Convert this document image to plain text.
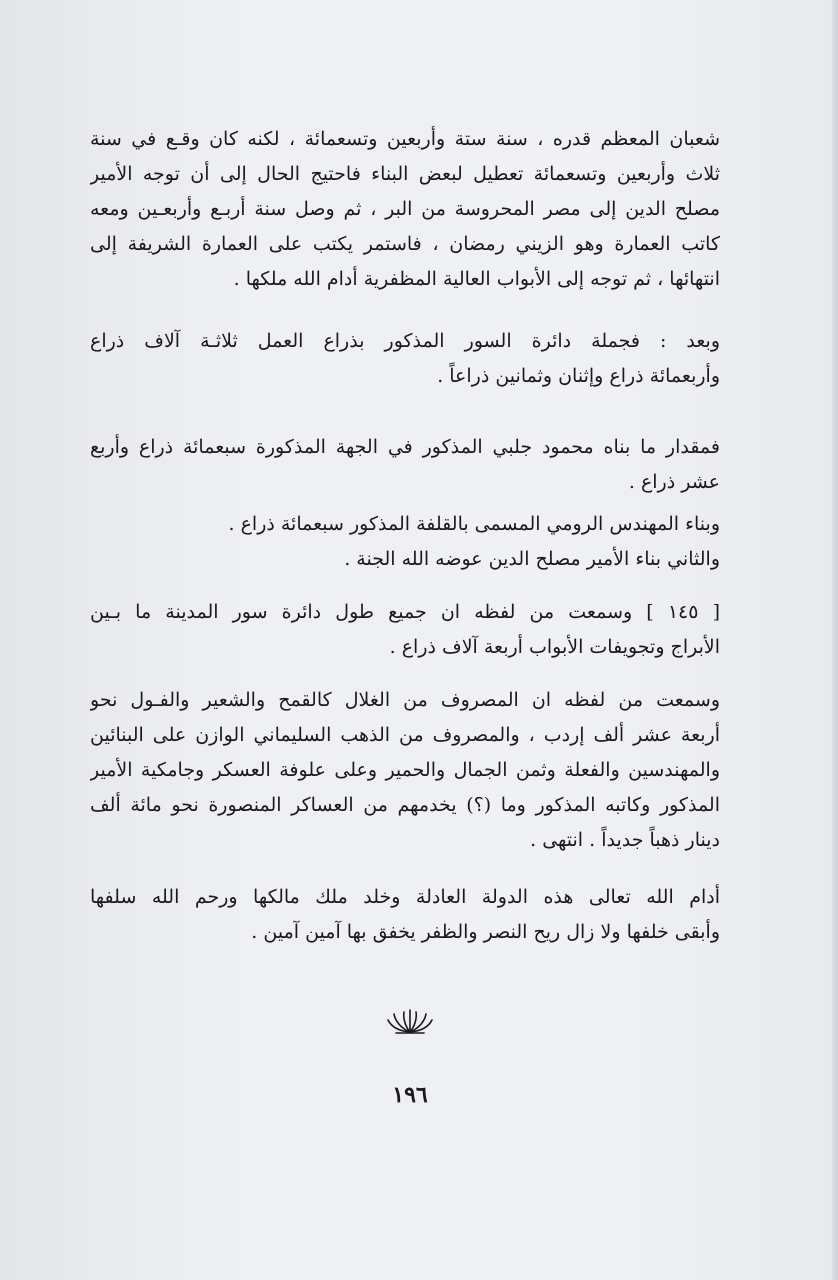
شعبان المعظم قدره ، سنة ستة وأربعين وتسعمائة ، لكنه كان وقـع في سنة
ثلاث وأربعين وتسعمائة تعطيل لبعض البناء فاحتيج الحال إلى أن توجه الأمير
مصلح الدين إلى مصر المحروسة من البر ، ثم وصل سنة أربـع وأربعـين ومعه
كاتب العمارة وهو الزيني رمضان ، فاستمر يكتب على العمارة الشريفة إلى
انتهائها ، ثم توجه إلى الأبواب العالية المظفرية أدام الله ملكها .
وبعد : فجملة دائرة السور المذكور بذراع العمل ثلاثـة آلاف ذراع
وأربعمائة ذراع وإثنان وثمانين ذراعاً .
فمقدار ما بناه محمود جلبي المذكور في الجهة المذكورة سبعمائة ذراع وأربع
عشر ذراع .
وبناء المهندس الرومي المسمى بالقلفة المذكور سبعمائة ذراع .
والثاني بناء الأمير مصلح الدين عوضه الله الجنة .
[ ١٤٥ ] وسمعت من لفظه ان جميع طول دائرة سور المدينة ما بـين
الأبراج وتجويفات الأبواب أربعة آلاف ذراع .
وسمعت من لفظه ان المصروف من الغلال كالقمح والشعير والفـول نحو
أربعة عشر ألف إردب ، والمصروف من الذهب السليماني الوازن على البنائين
والمهندسين والفعلة وثمن الجمال والحمير وعلى علوفة العسكر وجامكية الأمير
المذكور وكاتبه المذكور وما (؟) يخدمهم من العساكر المنصورة نحو مائة ألف
دينار ذهباً جديداً . انتهى .
أدام الله تعالى هذه الدولة العادلة وخلد ملك مالكها ورحم الله سلفها
وأبقى خلفها ولا زال ريح النصر والظفر يخفق بها آمين آمين .
١٩٦
